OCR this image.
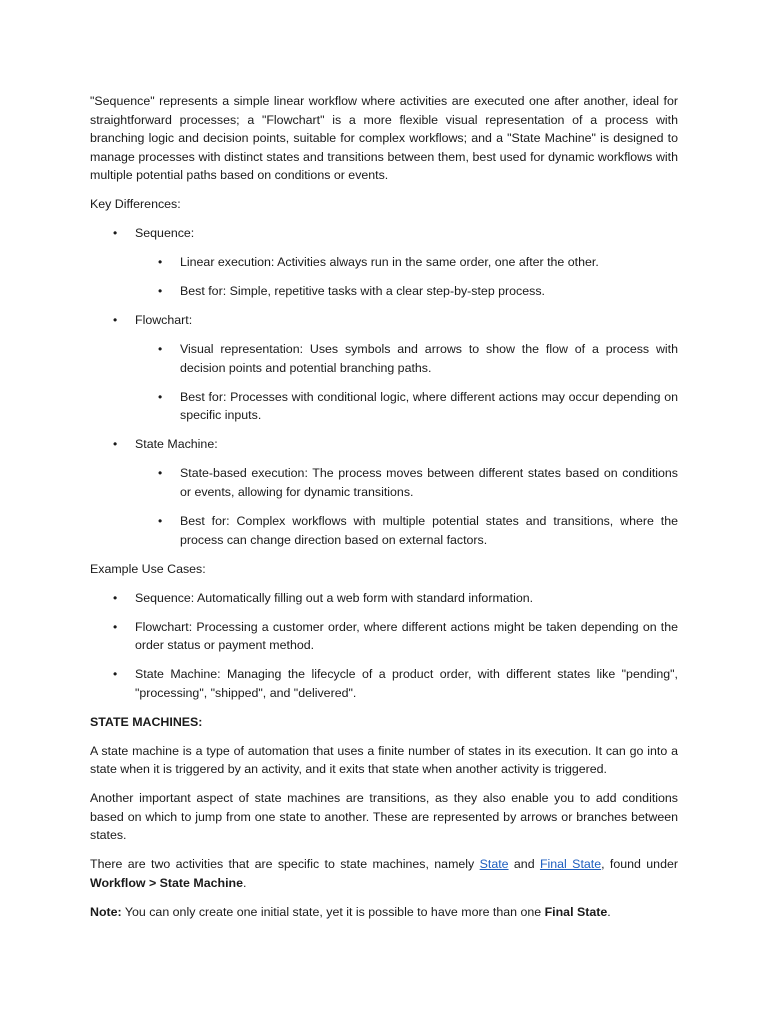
"Sequence" represents a simple linear workflow where activities are executed one after another, ideal for straightforward processes; a "Flowchart" is a more flexible visual representation of a process with branching logic and decision points, suitable for complex workflows; and a "State Machine" is designed to manage processes with distinct states and transitions between them, best used for dynamic workflows with multiple potential paths based on conditions or events.

Key Differences:

• Sequence:
• Linear execution: Activities always run in the same order, one after the other.
• Best for: Simple, repetitive tasks with a clear step-by-step process.
• Flowchart:
• Visual representation: Uses symbols and arrows to show the flow of a process with decision points and potential branching paths.
• Best for: Processes with conditional logic, where different actions may occur depending on specific inputs.
• State Machine:
• State-based execution: The process moves between different states based on conditions or events, allowing for dynamic transitions.
• Best for: Complex workflows with multiple potential states and transitions, where the process can change direction based on external factors.

Example Use Cases:

• Sequence: Automatically filling out a web form with standard information.
• Flowchart: Processing a customer order, where different actions might be taken depending on the order status or payment method.
• State Machine: Managing the lifecycle of a product order, with different states like "pending", "processing", "shipped", and "delivered".

STATE MACHINES:

A state machine is a type of automation that uses a finite number of states in its execution. It can go into a state when it is triggered by an activity, and it exits that state when another activity is triggered.

Another important aspect of state machines are transitions, as they also enable you to add conditions based on which to jump from one state to another. These are represented by arrows or branches between states.

There are two activities that are specific to state machines, namely State and Final State, found under Workflow > State Machine.

Note: You can only create one initial state, yet it is possible to have more than one Final State.
